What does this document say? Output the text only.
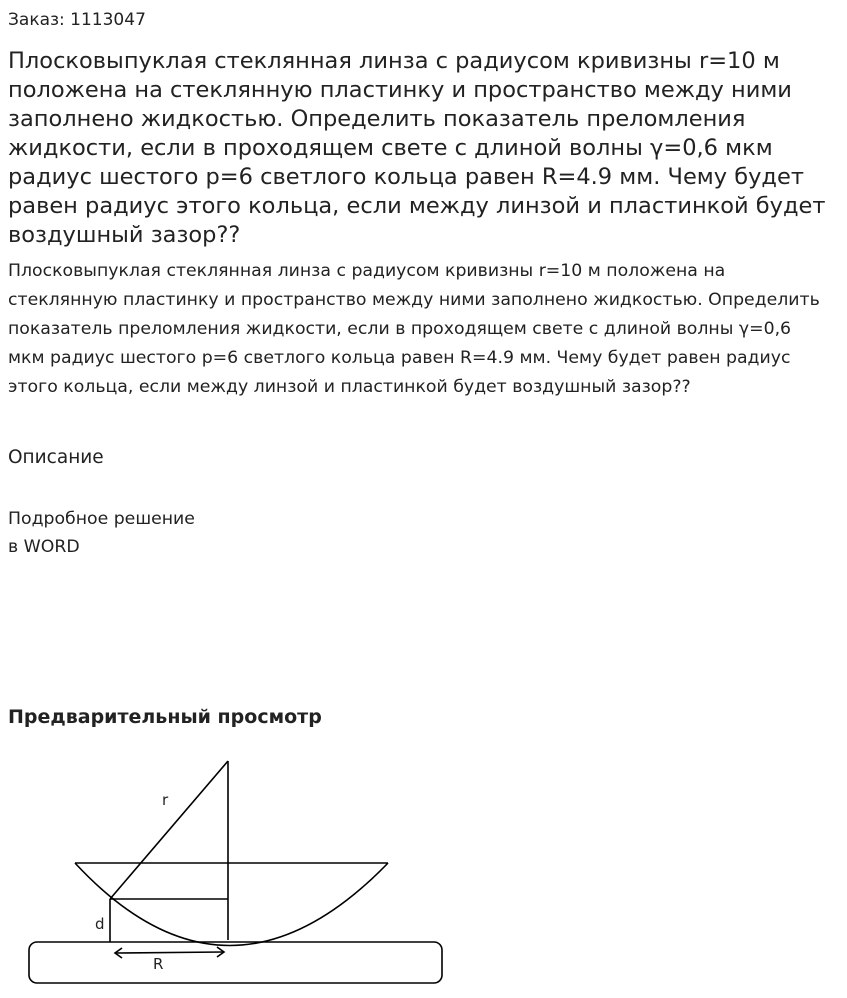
Заказ: 1113047
Плосковыпуклая стеклянная линза с радиусом кривизны r=10 м положена на стеклянную пластинку и пространство между ними заполнено жидкостью. Определить показатель преломления жидкости, если в проходящем свете с длиной волны γ=0,6 мкм радиус шестого p=6 светлого кольца равен R=4.9 мм. Чему будет равен радиус этого кольца, если между линзой и пластинкой будет воздушный зазор??

Плосковыпуклая стеклянная линза с радиусом кривизны r=10 м положена на стеклянную пластинку и пространство между ними заполнено жидкостью. Определить показатель преломления жидкости, если в проходящем свете с длиной волны γ=0,6 мкм радиус шестого p=6 светлого кольца равен R=4.9 мм. Чему будет равен радиус этого кольца, если между линзой и пластинкой будет воздушный зазор??

Описание

Подробное решение
в WORD

Предварительный просмотр
r
d
R
